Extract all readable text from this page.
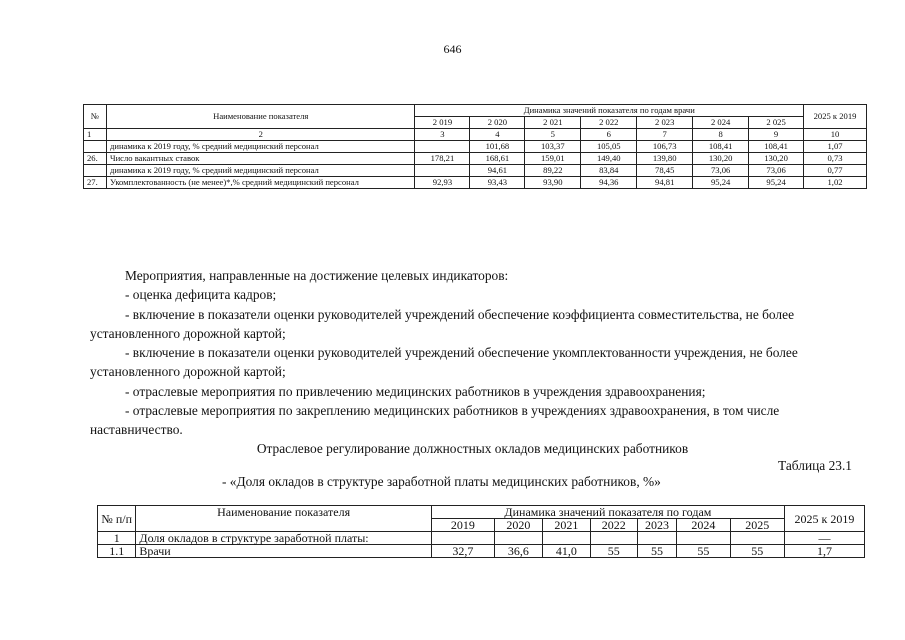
646
№	Наименование показателя	Динамика значений показателя по годам врачи							2025 к 2019
		2 019	2 020	2 021	2 022	2 023	2 024	2 025	
1	2	3	4	5	6	7	8	9	10
	динамика к 2019 году, % средний медицинский персонал		101,68	103,37	105,05	106,73	108,41	108,41	1,07
26.	Число вакантных ставок	178,21	168,61	159,01	149,40	139,80	130,20	130,20	0,73
	динамика к 2019 году, % средний медицинский персонал		94,61	89,22	83,84	78,45	73,06	73,06	0,77
27.	Укомплектованность (не менее)*,% средний медицинский персонал	92,93	93,43	93,90	94,36	94,81	95,24	95,24	1,02

Мероприятия, направленные на достижение целевых индикаторов:

- оценка дефицита кадров;

- включение в показатели оценки руководителей учреждений обеспечение коэффициента совместительства, не более установленного дорожной картой;

- включение в показатели оценки руководителей учреждений обеспечение укомплектованности учреждения, не более установленного дорожной картой;

- отраслевые мероприятия по привлечению медицинских работников в учреждения здравоохранения;

- отраслевые мероприятия по закреплению медицинских работников в учреждениях здравоохранения, в том числе наставничество.

Отраслевое регулирование должностных окладов медицинских работников
Таблица 23.1
- «Доля окладов в структуре заработной платы медицинских работников, %»
№ п/п	Наименование показателя	Динамика значений показателя по годам							2025 к 2019
		2019	2020	2021	2022	2023	2024	2025	
1	Доля окладов в структуре заработной платы:								—
1.1	Врачи	32,7	36,6	41,0	55	55	55	55	1,7
